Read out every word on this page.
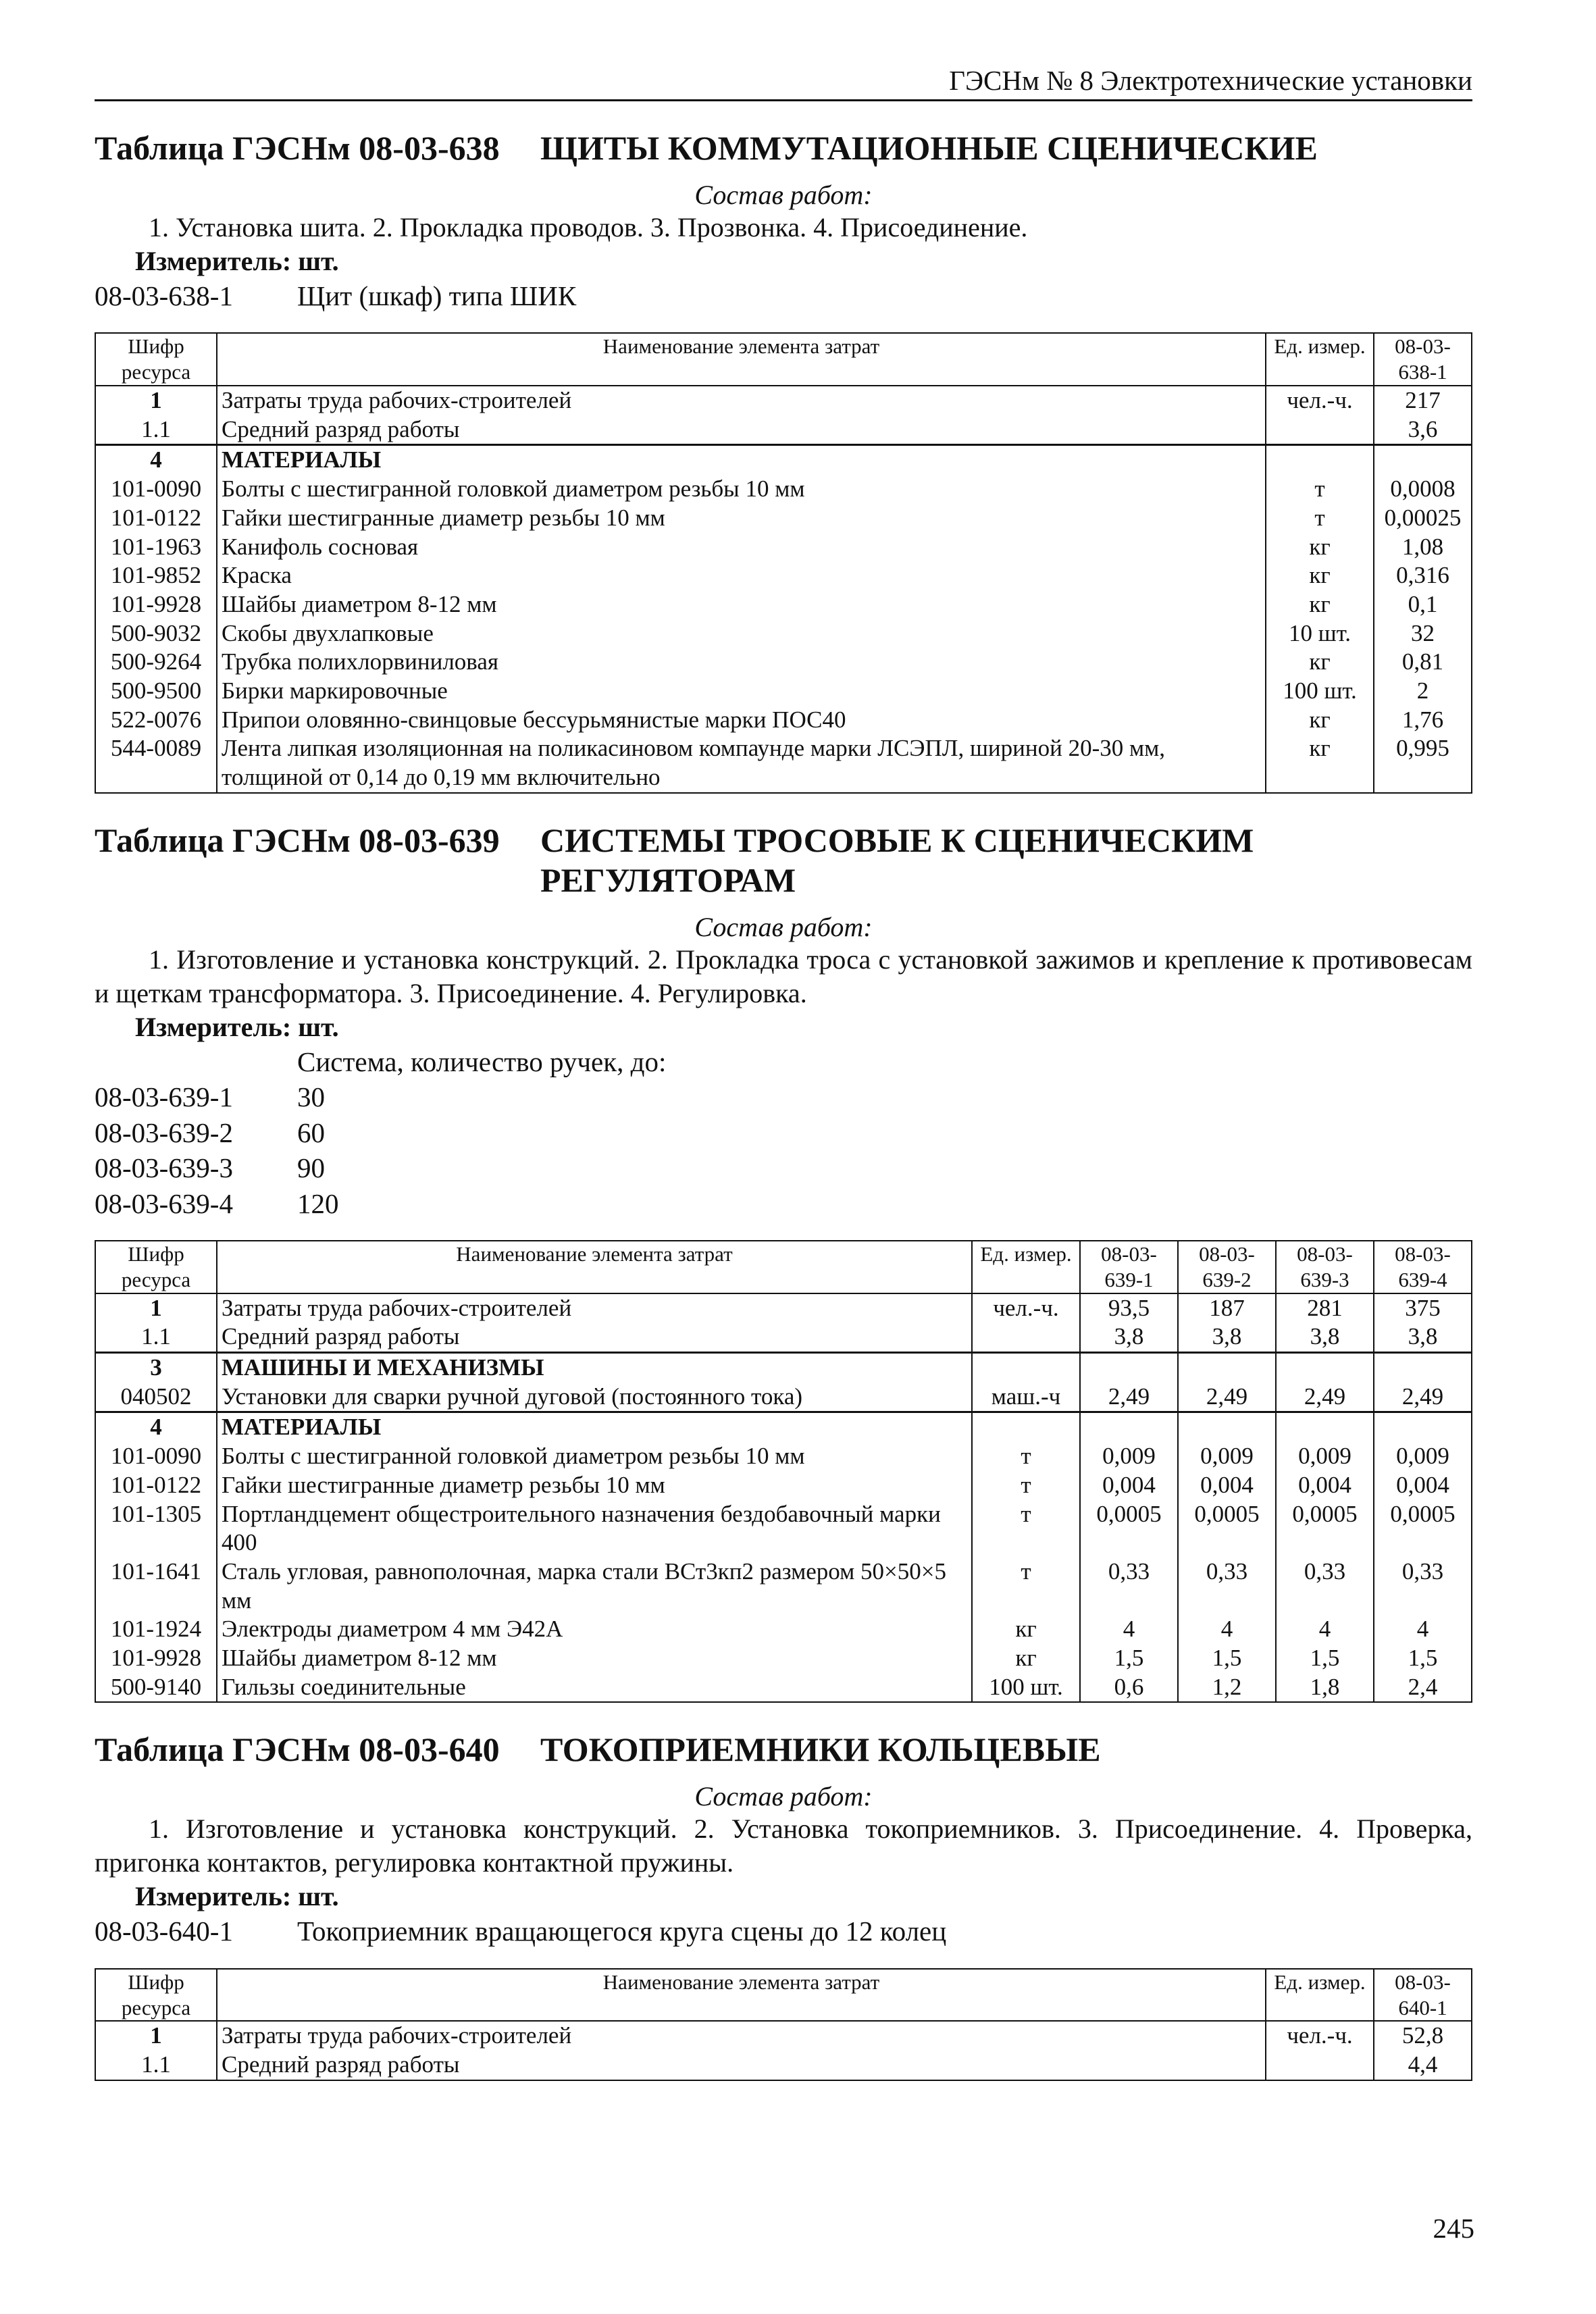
ГЭСНм № 8 Электротехнические установки
Таблица ГЭСНм 08-03-638	ЩИТЫ КОММУТАЦИОННЫЕ СЦЕНИЧЕСКИЕ
Состав работ:
1. Установка шита. 2. Прокладка проводов. 3. Прозвонка. 4. Присоединение.
Измеритель: шт.
08-03-638-1	Щит (шкаф) типа ШИК
Шифр ресурса	Наименование элемента затрат	Ед. измер.	08-03-638-1
1	Затраты труда рабочих-строителей	чел.-ч.	217
1.1	Средний разряд работы		3,6
4	МАТЕРИАЛЫ		
101-0090	Болты с шестигранной головкой диаметром резьбы 10 мм	т	0,0008
101-0122	Гайки шестигранные диаметр резьбы 10 мм	т	0,00025
101-1963	Канифоль сосновая	кг	1,08
101-9852	Краска	кг	0,316
101-9928	Шайбы диаметром 8-12 мм	кг	0,1
500-9032	Скобы двухлапковые	10 шт.	32
500-9264	Трубка полихлорвиниловая	кг	0,81
500-9500	Бирки маркировочные	100 шт.	2
522-0076	Припои оловянно-свинцовые бессурьмянистые марки ПОС40	кг	1,76
544-0089	Лента липкая изоляционная на поликасиновом компаунде марки ЛСЭПЛ, шириной 20-30 мм, толщиной от 0,14 до 0,19 мм включительно	кг	0,995
Таблица ГЭСНм 08-03-639	СИСТЕМЫ ТРОСОВЫЕ К СЦЕНИЧЕСКИМ
РЕГУЛЯТОРАМ
Состав работ:
1. Изготовление и установка конструкций. 2. Прокладка троса с установкой зажимов и крепление к противовесам и щеткам трансформатора. 3. Присоединение. 4. Регулировка.
Измеритель: шт.
Система, количество ручек, до:
08-03-639-1	30
08-03-639-2	60
08-03-639-3	90
08-03-639-4	120
Шифр ресурса	Наименование элемента затрат	Ед. измер.	08-03-639-1	08-03-639-2	08-03-639-3	08-03-639-4
1	Затраты труда рабочих-строителей	чел.-ч.	93,5	187	281	375
1.1	Средний разряд работы		3,8	3,8	3,8	3,8
3	МАШИНЫ И МЕХАНИЗМЫ					
040502	Установки для сварки ручной дуговой (постоянного тока)	маш.-ч	2,49	2,49	2,49	2,49
4	МАТЕРИАЛЫ					
101-0090	Болты с шестигранной головкой диаметром резьбы 10 мм	т	0,009	0,009	0,009	0,009
101-0122	Гайки шестигранные диаметр резьбы 10 мм	т	0,004	0,004	0,004	0,004
101-1305	Портландцемент общестроительного назначения бездобавочный марки 400	т	0,0005	0,0005	0,0005	0,0005
101-1641	Сталь угловая, равнополочная, марка стали ВСт3кп2 размером 50×50×5 мм	т	0,33	0,33	0,33	0,33
101-1924	Электроды диаметром 4 мм Э42А	кг	4	4	4	4
101-9928	Шайбы диаметром 8-12 мм	кг	1,5	1,5	1,5	1,5
500-9140	Гильзы соединительные	100 шт.	0,6	1,2	1,8	2,4
Таблица ГЭСНм 08-03-640	ТОКОПРИЕМНИКИ КОЛЬЦЕВЫЕ
Состав работ:
1. Изготовление и установка конструкций. 2. Установка токоприемников. 3. Присоединение. 4. Проверка, пригонка контактов, регулировка контактной пружины.
Измеритель: шт.
08-03-640-1	Токоприемник вращающегося круга сцены до 12 колец
Шифр ресурса	Наименование элемента затрат	Ед. измер.	08-03-640-1
1	Затраты труда рабочих-строителей	чел.-ч.	52,8
1.1	Средний разряд работы		4,4
245
